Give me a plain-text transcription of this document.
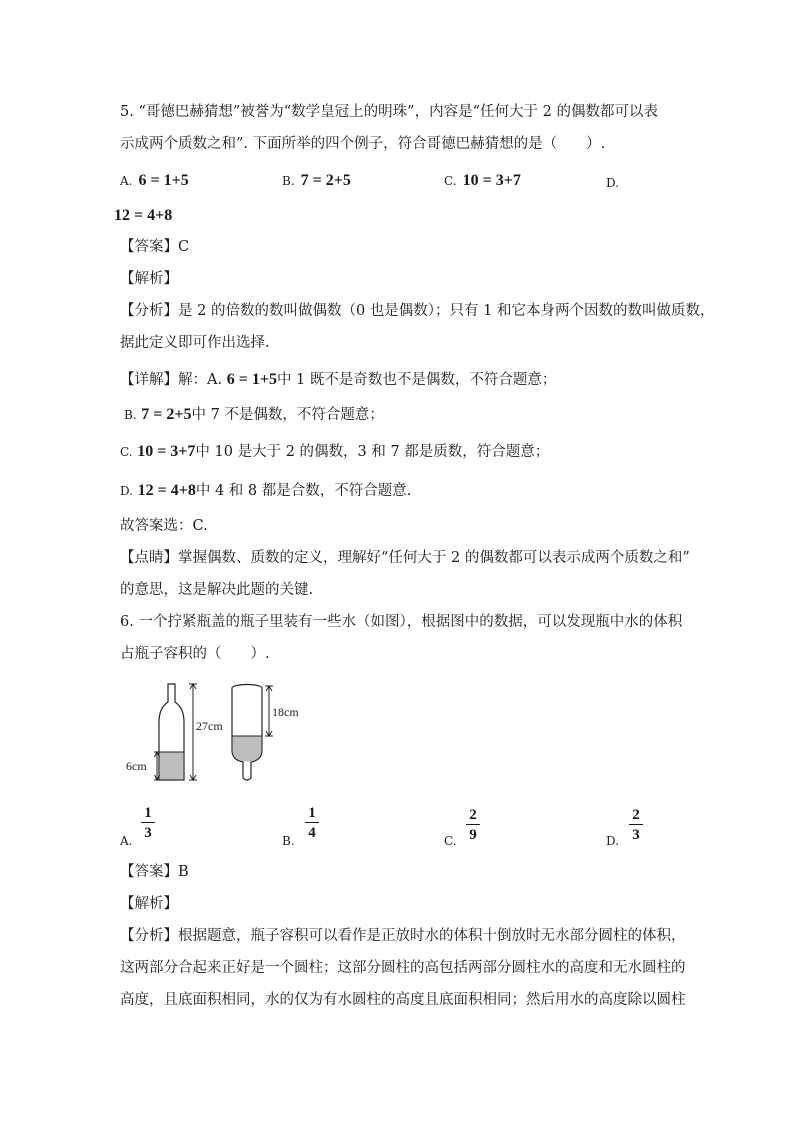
5. “哥德巴赫猜想”被誉为“数学皇冠上的明珠”，内容是“任何大于 2 的偶数都可以表
示成两个质数之和”. 下面所举的四个例子，符合哥德巴赫猜想的是（　　）.
A. 6 = 1+5	B. 7 = 2+5	C. 10 = 3+7	D.
12 = 4+8
【答案】C
【解析】
【分析】是 2 的倍数的数叫做偶数（0 也是偶数）；只有 1 和它本身两个因数的数叫做质数，
据此定义即可作出选择.
【详解】解：A. 6 = 1+5中 1 既不是奇数也不是偶数，不符合题意；
B. 7 = 2+5中 7 不是偶数，不符合题意；
C. 10 = 3+7中 10 是大于 2 的偶数，3 和 7 都是质数，符合题意；
D. 12 = 4+8中 4 和 8 都是合数，不符合题意.
故答案选：C.
【点睛】掌握偶数、质数的定义，理解好“任何大于 2 的偶数都可以表示成两个质数之和”
的意思，这是解决此题的关键.
6. 一个拧紧瓶盖的瓶子里装有一些水（如图），根据图中的数据，可以发现瓶中水的体积
占瓶子容积的（　　）.
27cm
6cm
18cm
A.
1
3	B.
1
4	C.
2
9	D.
2
3
【答案】B
【解析】
【分析】根据题意，瓶子容积可以看作是正放时水的体积十倒放时无水部分圆柱的体积，
这两部分合起来正好是一个圆柱；这部分圆柱的高包括两部分圆柱水的高度和无水圆柱的
高度，且底面积相同，水的仅为有水圆柱的高度且底面积相同；然后用水的高度除以圆柱
